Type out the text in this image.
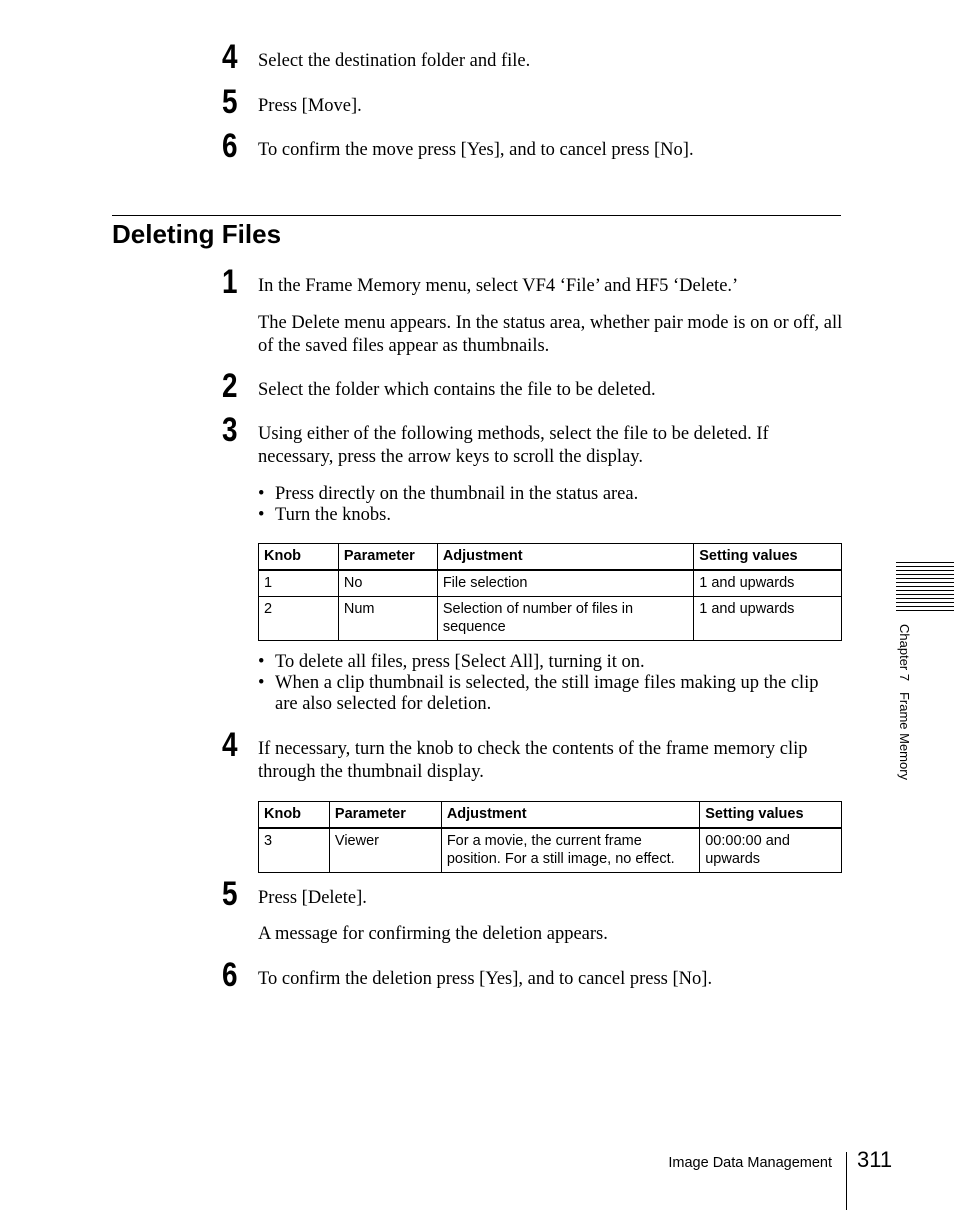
4 Select the destination folder and file.
5 Press [Move].
6 To confirm the move press [Yes], and to cancel press [No].
Deleting Files
1 In the Frame Memory menu, select VF4 ‘File’ and HF5 ‘Delete.’
The Delete menu appears. In the status area, whether pair mode is on or off, all of the saved files appear as thumbnails.
2 Select the folder which contains the file to be deleted.
3 Using either of the following methods, select the file to be deleted. If necessary, press the arrow keys to scroll the display.
• Press directly on the thumbnail in the status area.
• Turn the knobs.
Knob	Parameter	Adjustment	Setting values
1	No	File selection	1 and upwards
2	Num	Selection of number of files in sequence	1 and upwards
• To delete all files, press [Select All], turning it on.
• When a clip thumbnail is selected, the still image files making up the clip are also selected for deletion.
4 If necessary, turn the knob to check the contents of the frame memory clip through the thumbnail display.
Knob	Parameter	Adjustment	Setting values
3	Viewer	For a movie, the current frame position. For a still image, no effect.	00:00:00 and upwards
5 Press [Delete].
A message for confirming the deletion appears.
6 To confirm the deletion press [Yes], and to cancel press [No].
Chapter 7   Frame Memory
Image Data Management 311
